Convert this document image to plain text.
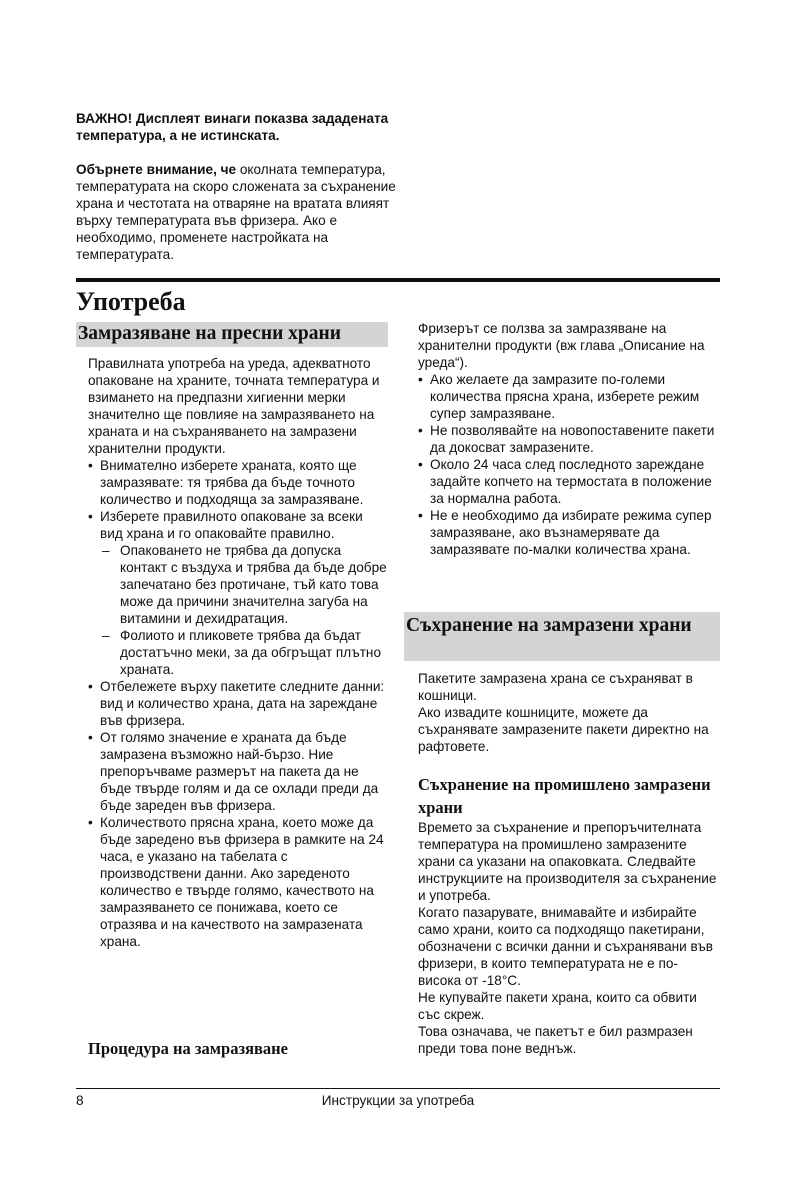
ВАЖНО! Дисплеят винаги показва зададената температура, а не истинската.

Обърнете внимание, че околната температура, температурата на скоро сложената за съхранение храна и честотата на отваряне на вратата влияят върху температурата във фризера. Ако е необходимо, променете настройката на температурата.

Употреба
Замразяване на пресни храни

Правилната употреба на уреда, адекватното опаковане на храните, точната температура и взимането на предпазни хигиенни мерки значително ще повлияе на замразяването на храната и на съхраняването на замразени хранителни продукти.

• Внимателно изберете храната, която ще замразявате: тя трябва да бъде точното количество и подходяща за замразяване.
• Изберете правилното опаковане за всеки вид храна и го опаковайте правилно.
– Опаковането не трябва да допуска контакт с въздуха и трябва да бъде добре запечатано без протичане, тъй като това може да причини значителна загуба на витамини и дехидратация.
– Фолиото и пликовете трябва да бъдат достатъчно меки, за да обгръщат плътно храната.
• Отбележете върху пакетите следните данни: вид и количество храна, дата на зареждане във фризера.
• От голямо значение е храната да бъде замразена възможно най-бързо. Ние препоръчваме размерът на пакета да не бъде твърде голям и да се охлади преди да бъде зареден във фризера.
• Количеството прясна храна, което може да бъде заредено във фризера в рамките на 24 часа, е указано на табелата с производствени данни. Ако зареденото количество е твърде голямо, качеството на замразяването се понижава, което се отразява и на качеството на замразената храна.
Процедура на замразяване

Фризерът се ползва за замразяване на хранителни продукти (вж глава „Описание на уреда“).

• Ако желаете да замразите по-големи количества прясна храна, изберете режим супер замразяване.
• Не позволявайте на новопоставените пакети да докосват замразените.
• Около 24 часа след последното зареждане задайте копчето на термостата в положение за нормална работа.
• Не е необходимо да избирате режима супер замразяване, ако възнамерявате да замразявате по-малки количества храна.
Съхранение на замразени храни

Пакетите замразена храна се съхраняват в кошници.

Ако извадите кошниците, можете да съхранявате замразените пакети директно на рафтовете.

Съхранение на промишлено замразени храни

Времето за съхранение и препоръчителната температура на промишлено замразените храни са указани на опаковката. Следвайте инструкциите на производителя за съхранение и употреба.

Когато пазарувате, внимавайте и избирайте само храни, които са подходящо пакетирани, обозначени с всички данни и съхранявани във фризери, в които температурата не е по-висока от -18°C.

Не купувайте пакети храна, които са обвити със скреж.

Това означава, че пакетът е бил размразен преди това поне веднъж.

Инструкции за употреба
8
